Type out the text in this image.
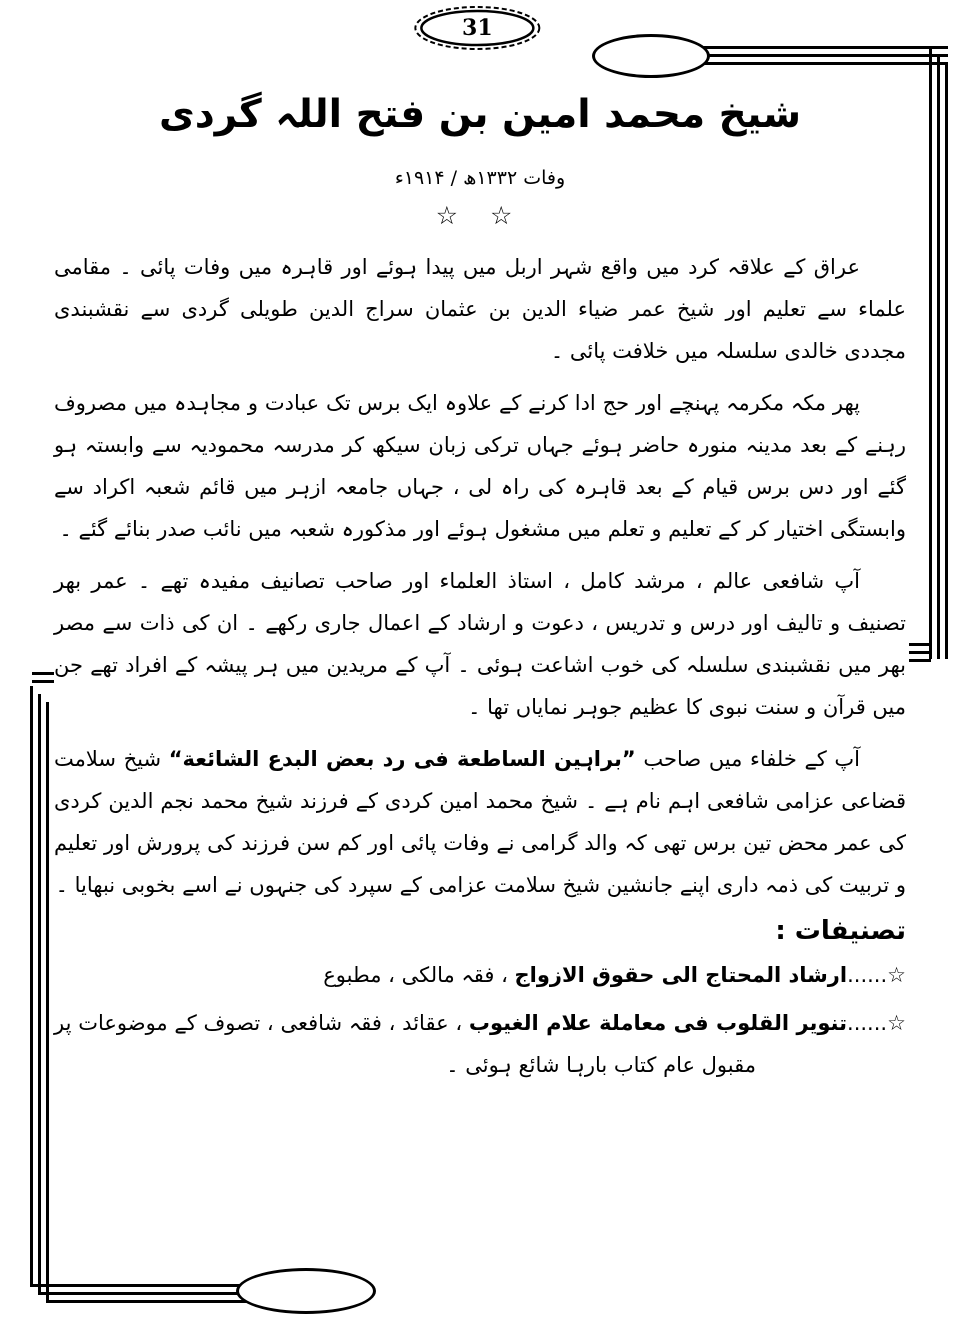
31
شیخ محمد امین بن فتح اللہ گردی
وفات ۱۳۳۲ھ / ۱۹۱۴ء
☆ ☆

عراق کے علاقہ کرد میں واقع شہر اربل میں پیدا ہوئے اور قاہرہ میں وفات پائی ۔ مقامی علماء سے تعلیم اور شیخ عمر ضیاء الدین بن عثمان سراج الدین طویلی گردی سے نقشبندی مجددی خالدی سلسلہ میں خلافت پائی ۔

پھر مکہ مکرمہ پہنچے اور حج ادا کرنے کے علاوہ ایک برس تک عبادت و مجاہدہ میں مصروف رہنے کے بعد مدینہ منورہ حاضر ہوئے جہاں ترکی زبان سیکھ کر مدرسہ محمودیہ سے وابستہ ہو گئے اور دس برس قیام کے بعد قاہرہ کی راہ لی ، جہاں جامعہ ازہر میں قائم شعبہ اکراد سے وابستگی اختیار کر کے تعلیم و تعلم میں مشغول ہوئے اور مذکورہ شعبہ میں نائب صدر بنائے گئے ۔

آپ شافعی عالم ، مرشد کامل ، استاذ العلماء اور صاحب تصانیف مفیدہ تھے ۔ عمر بھر تصنیف و تالیف اور درس و تدریس ، دعوت و ارشاد کے اعمال جاری رکھے ۔ ان کی ذات سے مصر بھر میں نقشبندی سلسلہ کی خوب اشاعت ہوئی ۔ آپ کے مریدین میں ہر پیشہ کے افراد تھے جن میں قرآن و سنت نبوی کا عظیم جوہر نمایاں تھا ۔

آپ کے خلفاء میں صاحب ”براہین الساطعة فی رد بعض البدع الشائعة“ شیخ سلامت قضاعی عزامی شافعی اہم نام ہے ۔ شیخ محمد امین کردی کے فرزند شیخ محمد نجم الدین کردی کی عمر محض تین برس تھی کہ والد گرامی نے وفات پائی اور کم سن فرزند کی پرورش اور تعلیم و تربیت کی ذمہ داری اپنے جانشین شیخ سلامت عزامی کے سپرد کی جنہوں نے اسے بخوبی نبھایا ۔

تصنیفات :
☆......ارشاد المحتاج الی حقوق الازواج ، فقہ مالکی ، مطبوع
☆......تنویر القلوب فی معاملة علام الغیوب ، عقائد ، فقہ شافعی ، تصوف کے موضوعات پر مقبول عام کتاب بارہا شائع ہوئی ۔
